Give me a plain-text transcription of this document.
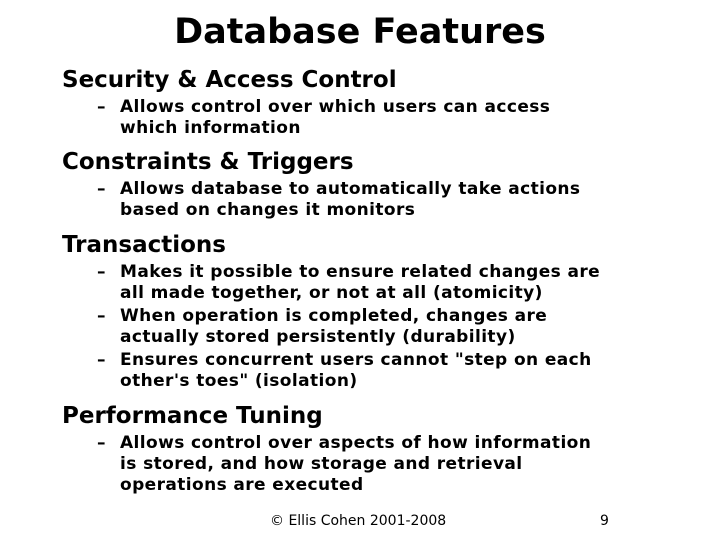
Database Features
Security & Access Control
– Allows control over which users can access
which information
Constraints & Triggers
– Allows database to automatically take actions
based on changes it monitors
Transactions
– Makes it possible to ensure related changes are
all made together, or not at all (atomicity)
– When operation is completed, changes are
actually stored persistently (durability)
– Ensures concurrent users cannot "step on each
other's toes" (isolation)
Performance Tuning
– Allows control over aspects of how information
is stored, and how storage and retrieval
operations are executed
© Ellis Cohen 2001-2008	9
